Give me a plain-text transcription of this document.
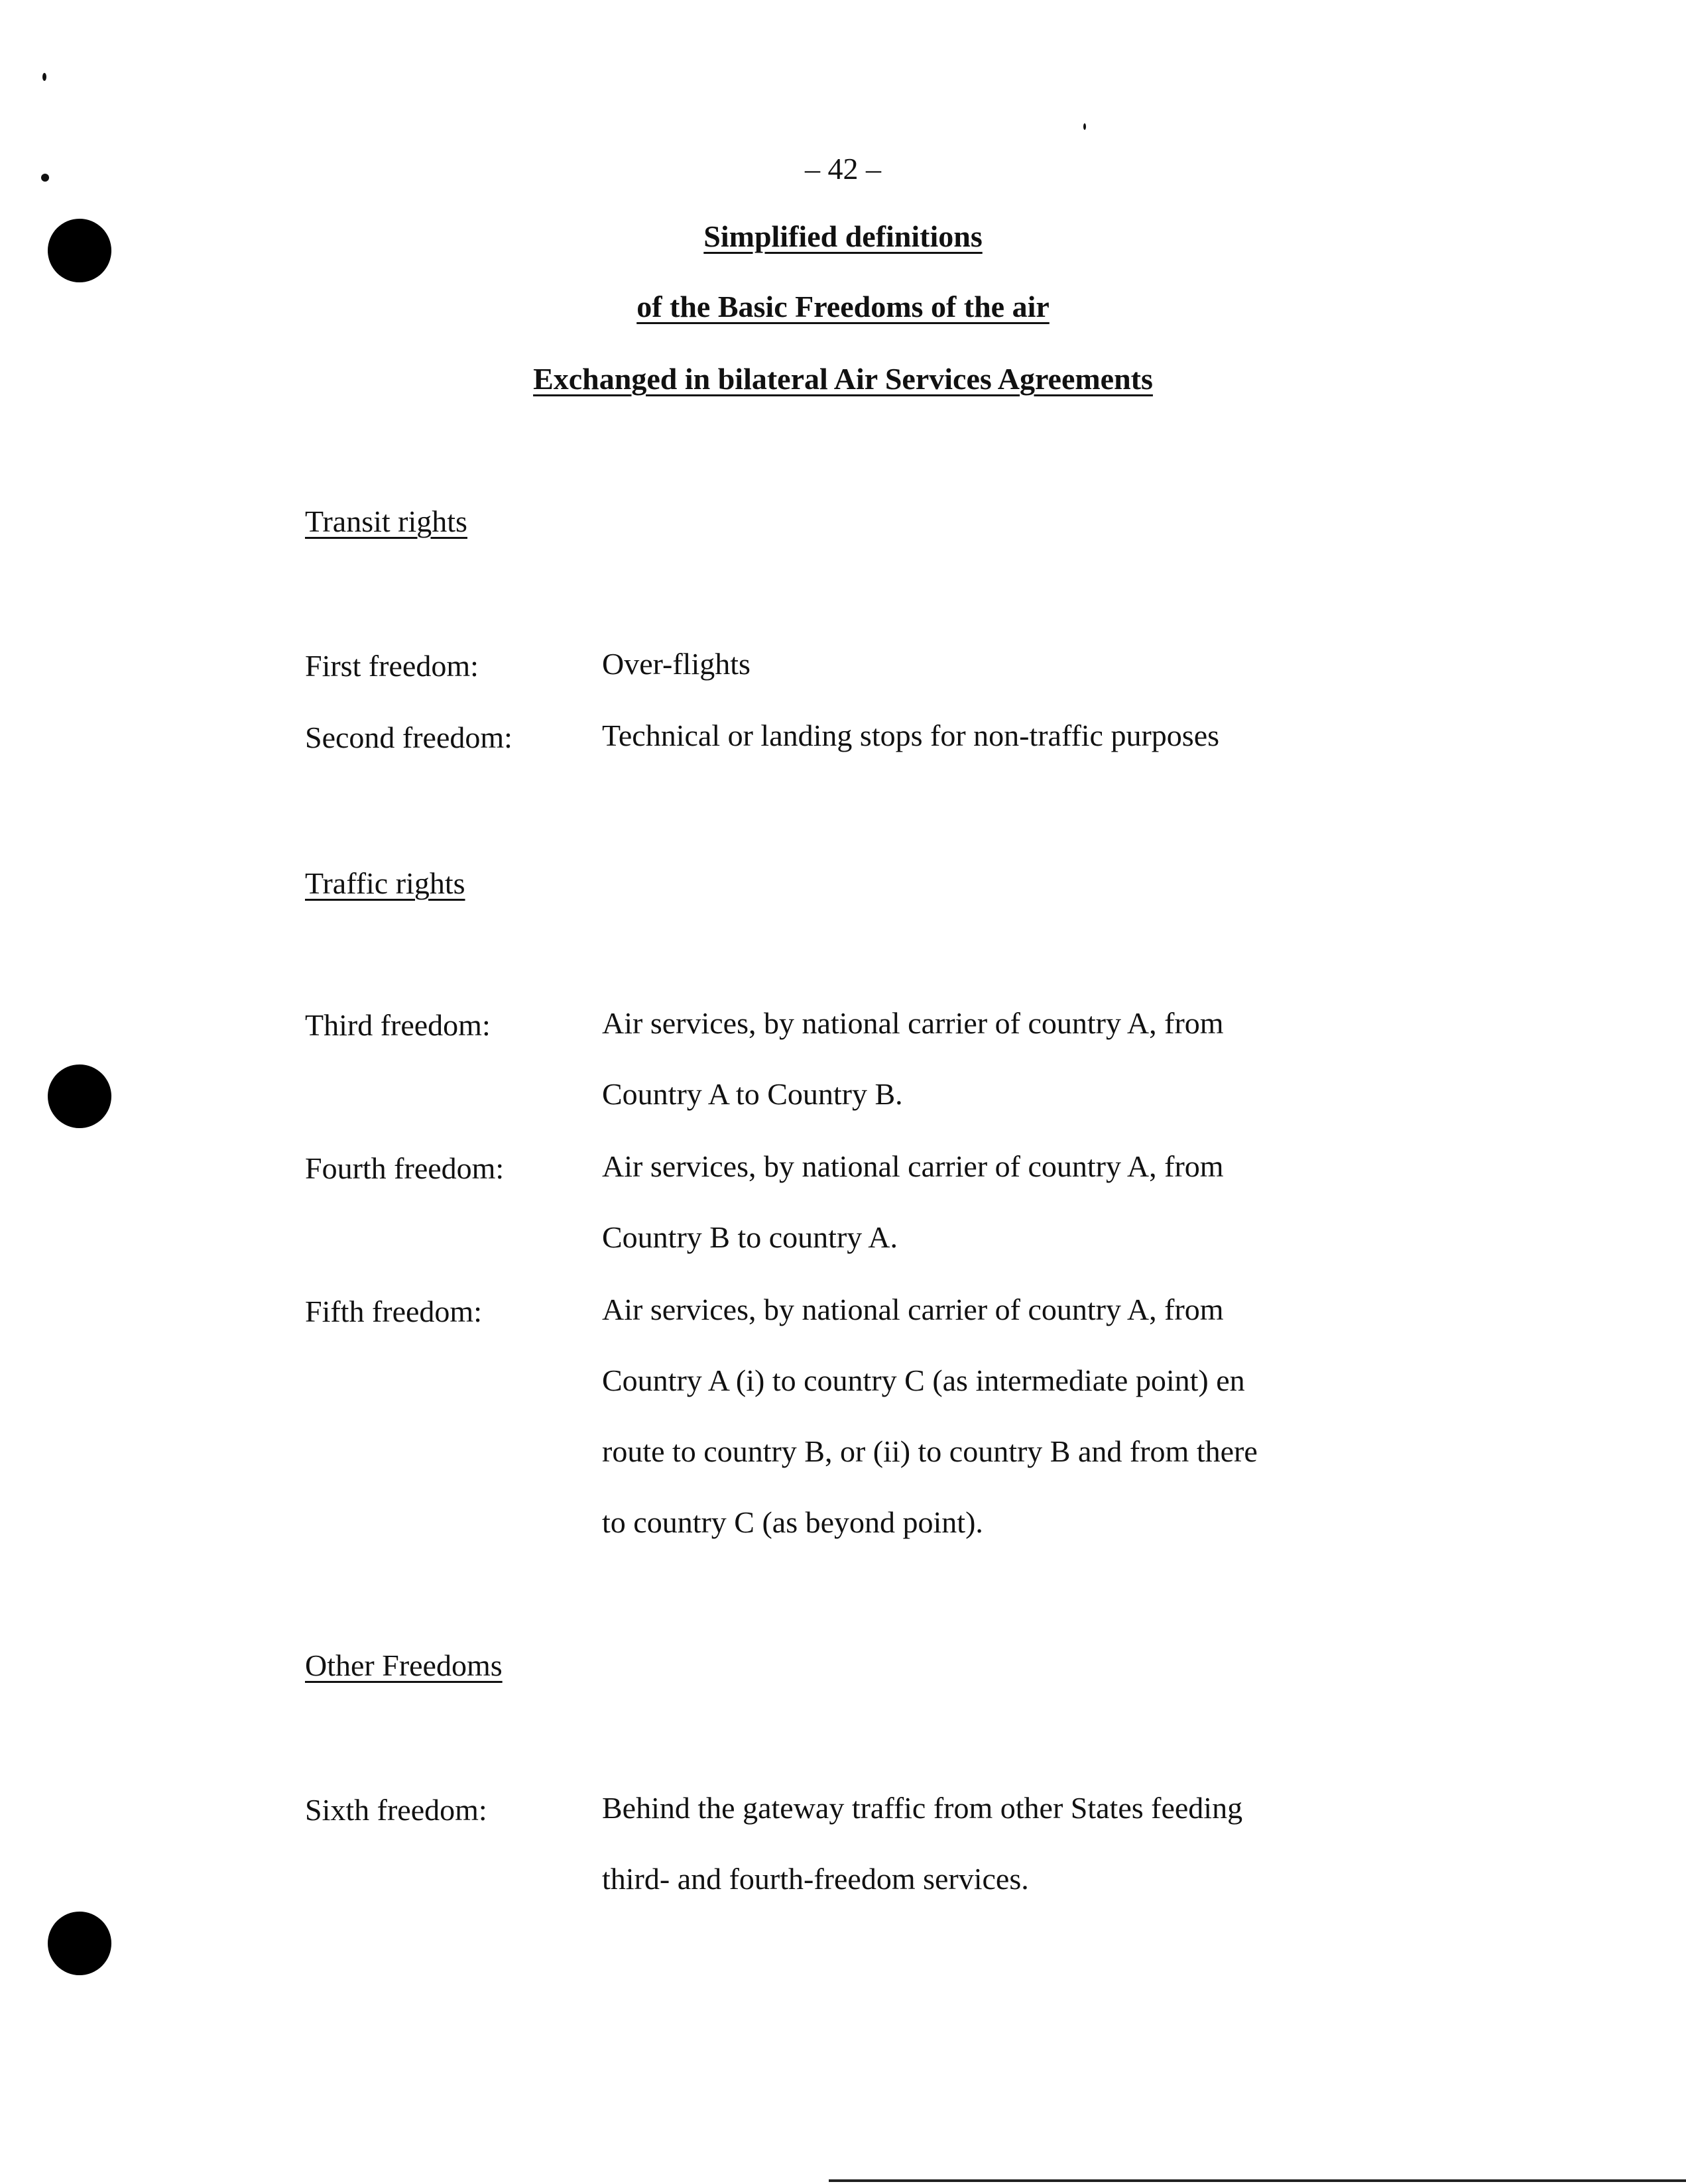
– 42 –
Simplified definitions
of the Basic Freedoms of the air
Exchanged in bilateral Air Services Agreements
Transit rights
First freedom:	Over-flights
Second freedom:	Technical or landing stops for non-traffic purposes
Traffic rights
Third freedom:	Air services, by national carrier of country A, from
Country A to Country B.
Fourth freedom:	Air services, by national carrier of country A, from
Country B to country A.
Fifth freedom:	Air services, by national carrier of country A, from
Country A (i) to country C (as intermediate point) en
route to country B, or (ii) to country B and from there
to country C (as beyond point).
Other Freedoms
Sixth freedom:	Behind the gateway traffic from other States feeding
third- and fourth-freedom services.
